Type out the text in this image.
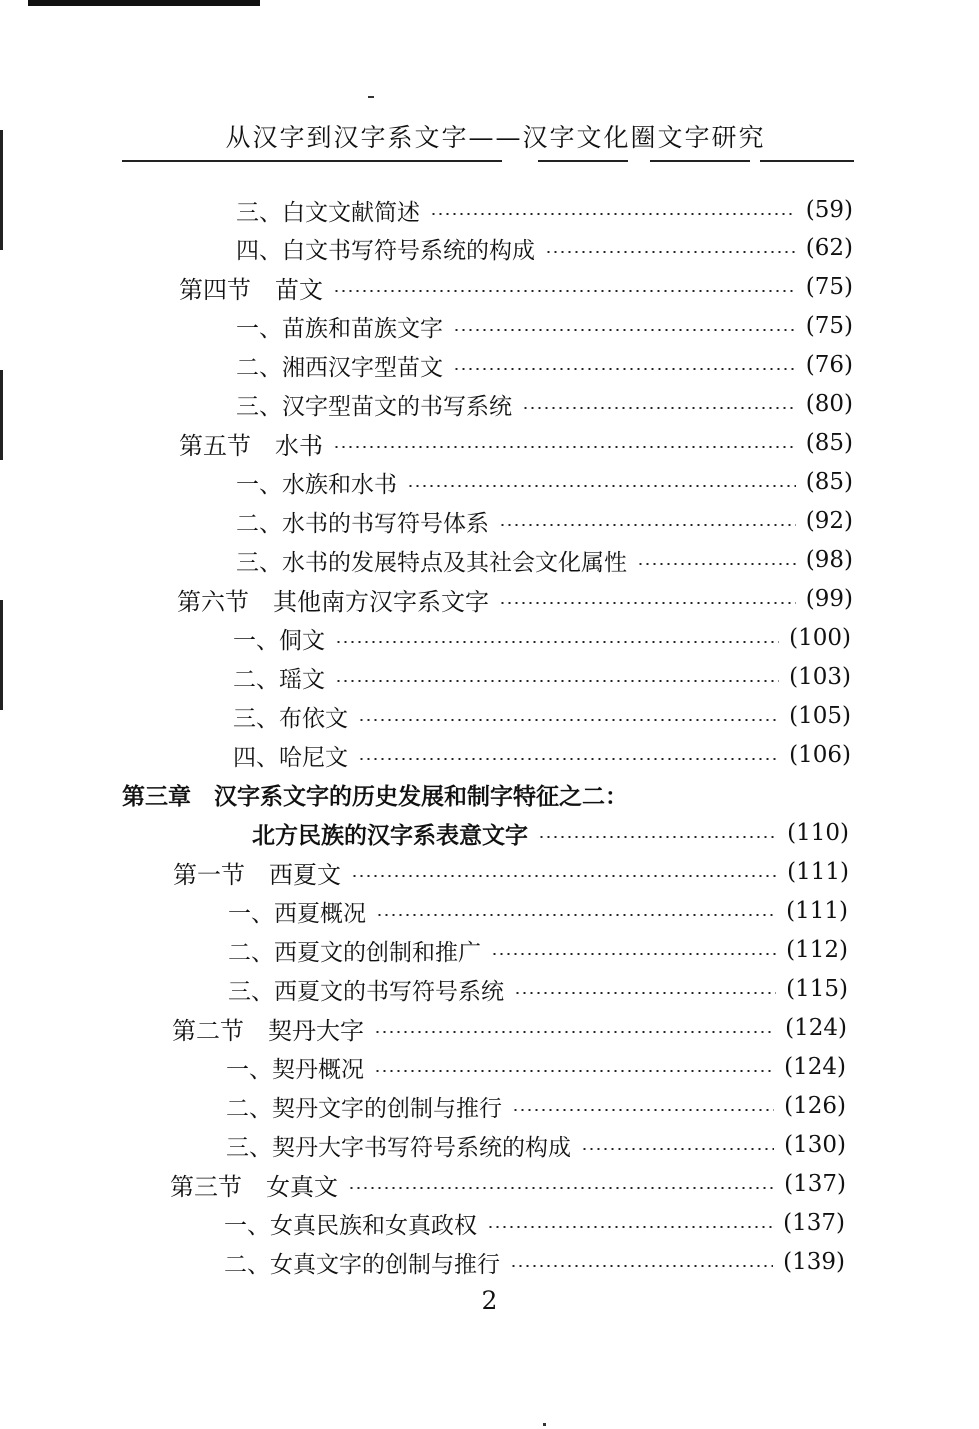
从汉字到汉字系文字——汉字文化圈文字研究
三、白文文献简述	(59)
四、白文书写符号系统的构成	(62)
第四节　苗文	(75)
一、苗族和苗族文字	(75)
二、湘西汉字型苗文	(76)
三、汉字型苗文的书写系统	(80)
第五节　水书	(85)
一、水族和水书	(85)
二、水书的书写符号体系	(92)
三、水书的发展特点及其社会文化属性	(98)
第六节　其他南方汉字系文字	(99)
一、侗文	(100)
二、瑶文	(103)
三、布依文	(105)
四、哈尼文	(106)
第三章　汉字系文字的历史发展和制字特征之二：
北方民族的汉字系表意文字	(110)
第一节　西夏文	(111)
一、西夏概况	(111)
二、西夏文的创制和推广	(112)
三、西夏文的书写符号系统	(115)
第二节　契丹大字	(124)
一、契丹概况	(124)
二、契丹文字的创制与推行	(126)
三、契丹大字书写符号系统的构成	(130)
第三节　女真文	(137)
一、女真民族和女真政权	(137)
二、女真文字的创制与推行	(139)
2
